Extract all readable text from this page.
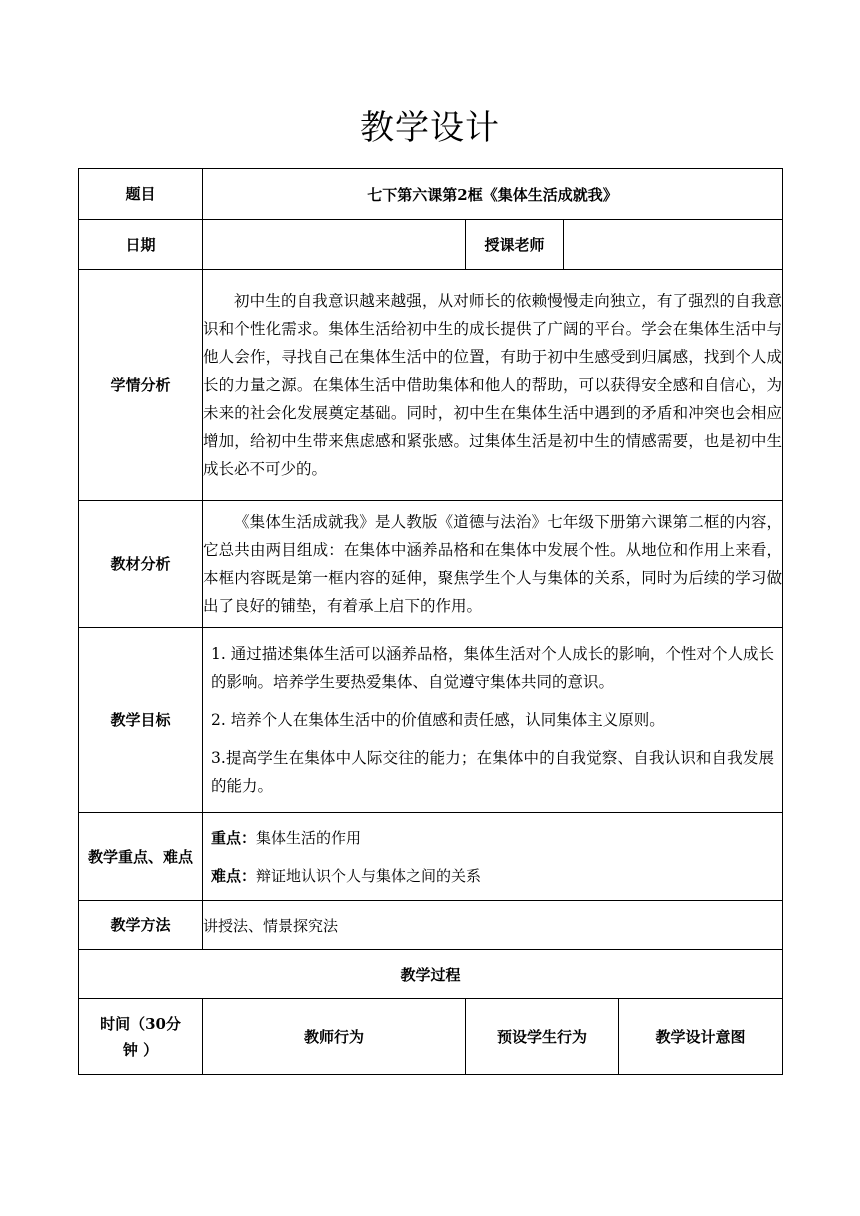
教学设计
题目	七下第六课第2框《集体生活成就我》			
日期		授课老师		
学情分析	初中生的自我意识越来越强，从对师长的依赖慢慢走向独立，有了强烈的自我意识和个性化需求。集体生活给初中生的成长提供了广阔的平台。学会在集体生活中与他人会作，寻找自己在集体生活中的位置，有助于初中生感受到归属感，找到个人成长的力量之源。在集体生活中借助集体和他人的帮助，可以获得安全感和自信心，为未来的社会化发展奠定基础。同时，初中生在集体生活中遇到的矛盾和冲突也会相应增加，给初中生带来焦虑感和紧张感。过集体生活是初中生的情感需要，也是初中生成长必不可少的。			

教材分析	《集体生活成就我》是人教版《道德与法治》七年级下册第六课第二框的内容，它总共由两目组成：在集体中涵养品格和在集体中发展个性。从地位和作用上来看，本框内容既是第一框内容的延伸，聚焦学生个人与集体的关系，同时为后续的学习做出了良好的铺垫，有着承上启下的作用。			

教学目标	1. 通过描述集体生活可以涵养品格，集体生活对个人成长的影响，个性对个人成长的影响。培养学生要热爱集体、自觉遵守集体共同的意识。

2. 培养个人在集体生活中的价值感和责任感，认同集体主义原则。

3.提高学生在集体中人际交往的能力；在集体中的自我觉察、自我认识和自我发展的能力。			

教学重点、难点	重点：集体生活的作用
难点：辩证地认识个人与集体之间的关系			

教学方法	讲授法、情景探究法			
教学过程				
时间（30分钟 ）	教师行为	预设学生行为		教学设计意图
